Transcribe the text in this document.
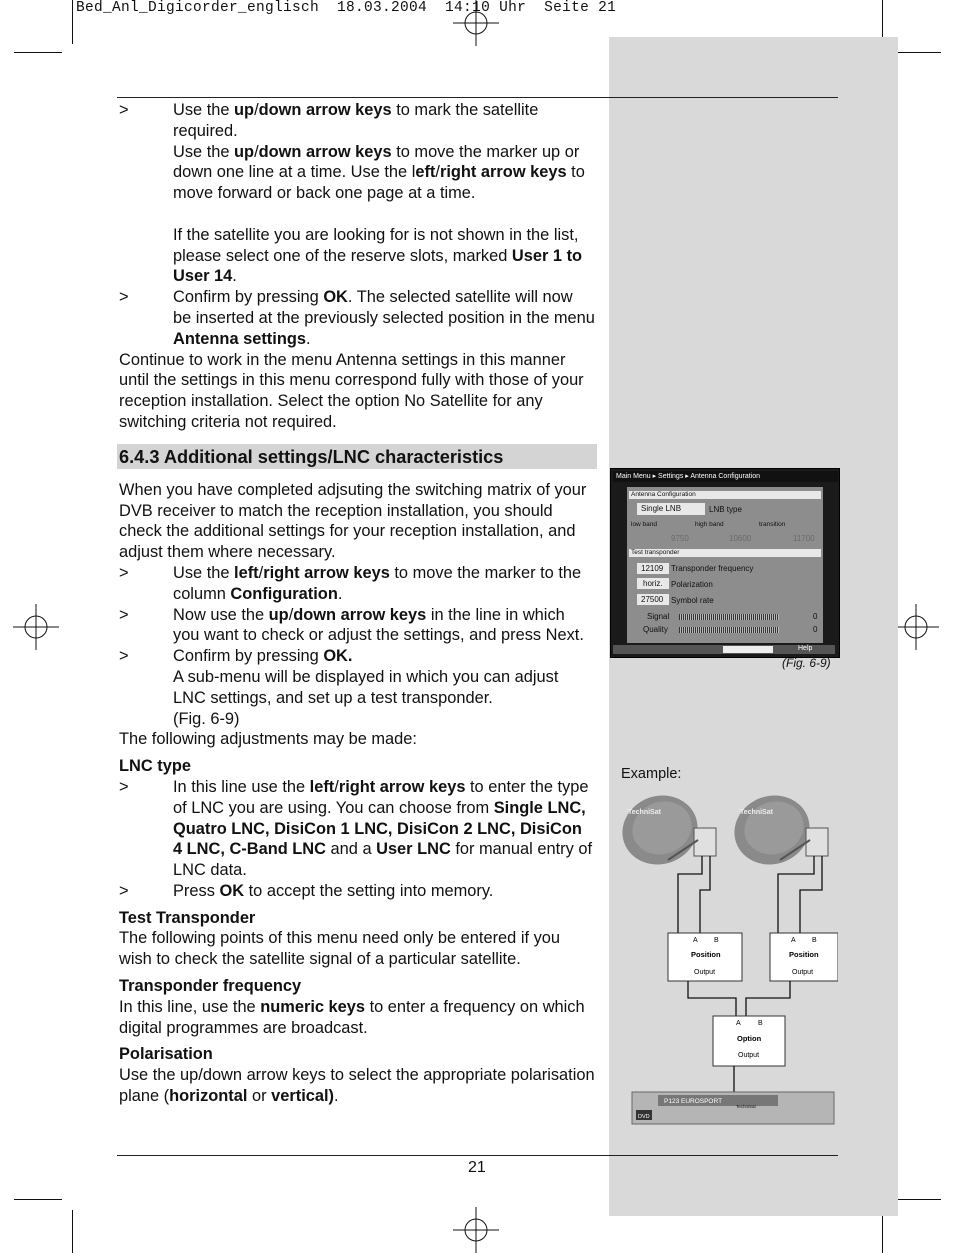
Bed_Anl_Digicorder_englisch  18.03.2004  14:10 Uhr  Seite 21
>	Use the up/down arrow keys to mark the satellite required.

Use the up/down arrow keys to move the marker up or down one line at a time. Use the left/right arrow keys to move forward or back one page at a time.

If the satellite you are looking for is not shown in the list, please select one of the reserve slots, marked User 1 to User 14.

>	Confirm by pressing OK. The selected satellite will now be inserted at the previously selected position in the menu Antenna settings.

Continue to work in the menu Antenna settings in this manner until the settings in this menu correspond fully with those of your reception installation. Select the option No Satellite for any switching criteria not required.

6.4.3 Additional settings/LNC characteristics

When you have completed adjsuting the switching matrix of your DVB receiver to match the reception installation, you should check the additional settings for your reception installation, and adjust them where necessary.

>	Use the left/right arrow keys to move the marker to the column Configuration.

>	Now use the up/down arrow keys in the line in which you want to check or adjust the settings, and press Next.

>	Confirm by pressing OK.

A sub-menu will be displayed in which you can adjust LNC settings, and set up a test transponder.

(Fig. 6-9)

The following adjustments may be made:

LNC type

>	In this line use the left/right arrow keys to enter the type of LNC you are using. You can choose from Single LNC, Quatro LNC, DisiCon 1 LNC, DisiCon 2 LNC, DisiCon 4 LNC, C-Band LNC and a User LNC for manual entry of LNC data.

>	Press OK to accept the setting into memory.

Test Transponder

The following points of this menu need only be entered if you wish to check the satellite signal of a particular satellite.

Transponder frequency

In this line, use the numeric keys to enter a frequency on which digital programmes are broadcast.

Polarisation

Use the up/down arrow keys to select the appropriate polarisation plane (horizontal or vertical).

Main Menu ▸ Settings ▸ Antenna Configuration
Antenna Configuration
Single LNB	LNB type
low band	high band	transition
9750	10600	11700
Test transponder
12109 Transponder frequency
horiz. Polarization
27500 Symbol rate
Signal	0
Quality	0
Help
(Fig. 6-9)
Example:
TechniSat	TechniSat
A B
Position
Output
A B
Position
Output
A B
Option
Output
P123 EUROSPORT
TechniSat
DVD
21
